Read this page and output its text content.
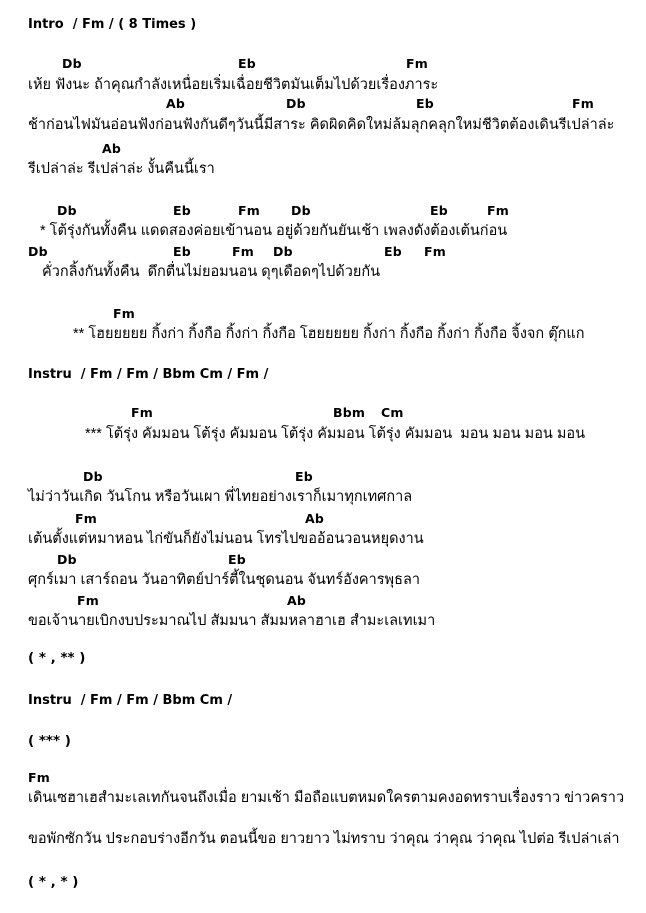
Intro  / Fm / ( 8 Times )
Db	Eb	Fm
เห้ย ฟังนะ ถ้าคุณกำลังเหนื่อยเริ่มเฉื่อยชีวิตมันเต็มไปด้วยเรื่องภาระ
Ab	Db	Eb	Fm
ช้าก่อนไฟมันอ่อนฟังก่อนฟังกันดีๆวันนี้มีสาระ คิดผิดคิดใหม่ล้มลุกคลุกใหม่ชีวิตต้องเดินรีเปล่าล่ะ
Ab
รีเปล่าล่ะ รีเปล่าล่ะ งั้นคืนนี้เรา
Db	Eb	Fm	Db	Eb	Fm
* โต้รุ่งกันทั้งคืน แดดสองค่อยเข้านอน อยู่ด้วยกันยันเช้า เพลงดังต้องเต้นก่อน
Db	Eb	Fm	Db	Eb	Fm
คั่วกลิ้งกันทั้งคืน  ดึกตื่นไม่ยอมนอน ดุๆเดือดๆไปด้วยกัน
Fm
** โฮยยยยย กิ้งก่า กิ้งกือ กิ้งก่า กิ้งกือ โฮยยยยย กิ้งก่า กิ้งกือ กิ้งก่า กิ้งกือ จิ้งจก ตุ๊กแก
Instru  / Fm / Fm / Bbm Cm / Fm /
Fm	Bbm	Cm
*** โต้รุ่ง คัมมอน โต้รุ่ง คัมมอน โต้รุ่ง คัมมอน โต้รุ่ง คัมมอน  มอน มอน มอน มอน
Db	Eb
ไม่ว่าวันเกิด วันโกน หรือวันเผา พี่ไทยอย่างเราก็เมาทุกเทศกาล
Fm	Ab
เต้นตั้งแต่หมาหอน ไก่ขันก็ยังไม่นอน โทรไปขออ้อนวอนหยุดงาน
Db	Eb
ศุกร์เมา เสาร์ถอน วันอาทิตย์ปาร์ตี้ในชุดนอน จันทร์อังคารพุธลา
Fm	Ab
ขอเจ้านายเบิกงบประมาณไป สัมมนา สัมมหลาฮาเฮ สำมะเลเทเมา
( * , ** )
Instru  / Fm / Fm / Bbm Cm /
( *** )
Fm
เดินเซฮาเฮสำมะเลเทกันจนถึงเมื่อ ยามเช้า มือถือแบตหมดใครตามคงอดทราบเรื่องราว ข่าวคราว
ขอพักซักวัน ประกอบร่างอีกวัน ตอนนี้ขอ ยาวยาว ไม่ทราบ ว่าคุณ ว่าคุณ ว่าคุณ ไปต่อ รีเปล่าเล่า
( * , * )
